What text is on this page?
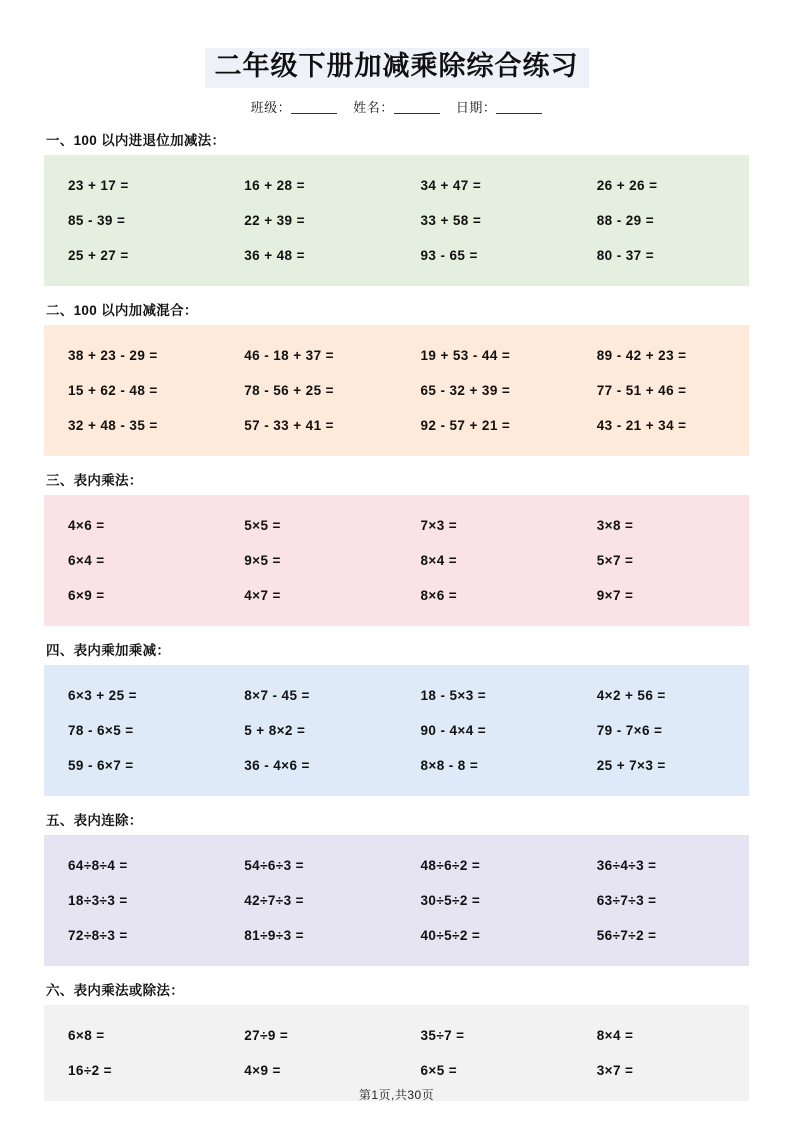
二年级下册加减乘除综合练习
班级：	姓名：	日期：
一、100 以内进退位加减法：
23 + 17 =	16 + 28 =	34 + 47 =	26 + 26 =
85 - 39 =	22 + 39 =	33 + 58 =	88 - 29 =
25 + 27 =	36 + 48 =	93 - 65 =	80 - 37 =
二、100 以内加减混合：
38 + 23 - 29 =	46 - 18 + 37 =	19 + 53 - 44 =	89 - 42 + 23 =
15 + 62 - 48 =	78 - 56 + 25 =	65 - 32 + 39 =	77 - 51 + 46 =
32 + 48 - 35 =	57 - 33 + 41 =	92 - 57 + 21 =	43 - 21 + 34 =
三、表内乘法：
4×6 =	5×5 =	7×3 =	3×8 =
6×4 =	9×5 =	8×4 =	5×7 =
6×9 =	4×7 =	8×6 =	9×7 =
四、表内乘加乘减：
6×3 + 25 =	8×7 - 45 =	18 - 5×3 =	4×2 + 56 =
78 - 6×5 =	5 + 8×2 =	90 - 4×4 =	79 - 7×6 =
59 - 6×7 =	36 - 4×6 =	8×8 - 8 =	25 + 7×3 =
五、表内连除：
64÷8÷4 =	54÷6÷3 =	48÷6÷2 =	36÷4÷3 =
18÷3÷3 =	42÷7÷3 =	30÷5÷2 =	63÷7÷3 =
72÷8÷3 =	81÷9÷3 =	40÷5÷2 =	56÷7÷2 =
六、表内乘法或除法：
6×8 =	27÷9 =	35÷7 =	8×4 =
16÷2 =	4×9 =	6×5 =	3×7 =
第1页,共30页
